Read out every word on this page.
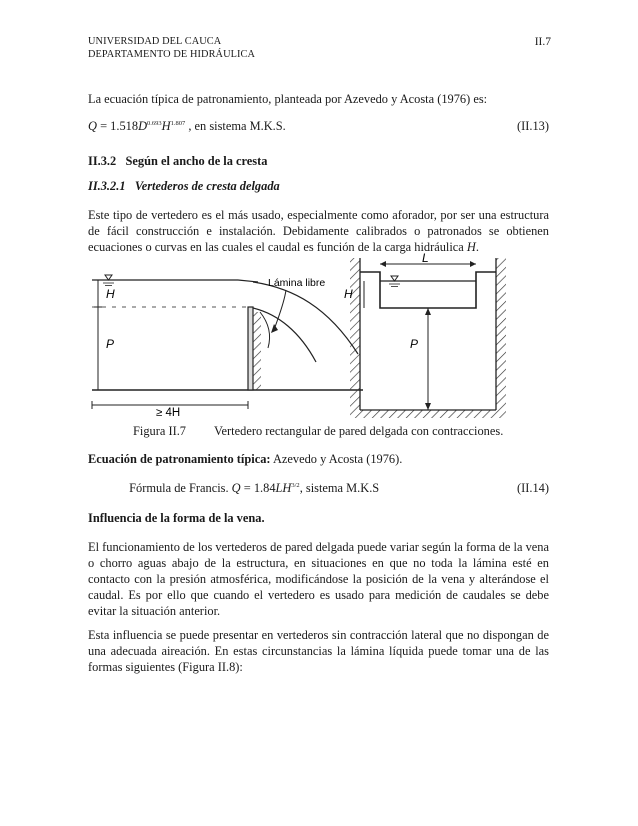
UNIVERSIDAD DEL CAUCA
DEPARTAMENTO DE HIDRÁULICA
II.7
La ecuación típica de patronamiento, planteada por Azevedo y Acosta (1976) es:
$Q = 1.518D^{0.693}H^{1.807}$ , en sistema M.K.S.	(II.13)
II.3.2 Según el ancho de la cresta
II.3.2.1 Vertederos de cresta delgada
Este tipo de vertedero es el más usado, especialmente como aforador, por ser una estructura de fácil construcción e instalación. Debidamente calibrados o patronados se obtienen ecuaciones o curvas en las cuales el caudal es función de la carga hidráulica H.
H
P
Lámina libre
≥ 4H
L
H
P
Figura II.7 Vertedero rectangular de pared delgada con contracciones.
Ecuación de patronamiento típica: Azevedo y Acosta (1976).
Fórmula de Francis. $Q = 1.84LH^{3/2}$, sistema M.K.S	(II.14)
Influencia de la forma de la vena.
El funcionamiento de los vertederos de pared delgada puede variar según la forma de la vena o chorro aguas abajo de la estructura, en situaciones en que no toda la lámina esté en contacto con la presión atmosférica, modificándose la posición de la vena y alterándose el caudal. Es por ello que cuando el vertedero es usado para medición de caudales se debe evitar la situación anterior.
Esta influencia se puede presentar en vertederos sin contracción lateral que no dispongan de una adecuada aireación. En estas circunstancias la lámina líquida puede tomar una de las formas siguientes (Figura II.8):
